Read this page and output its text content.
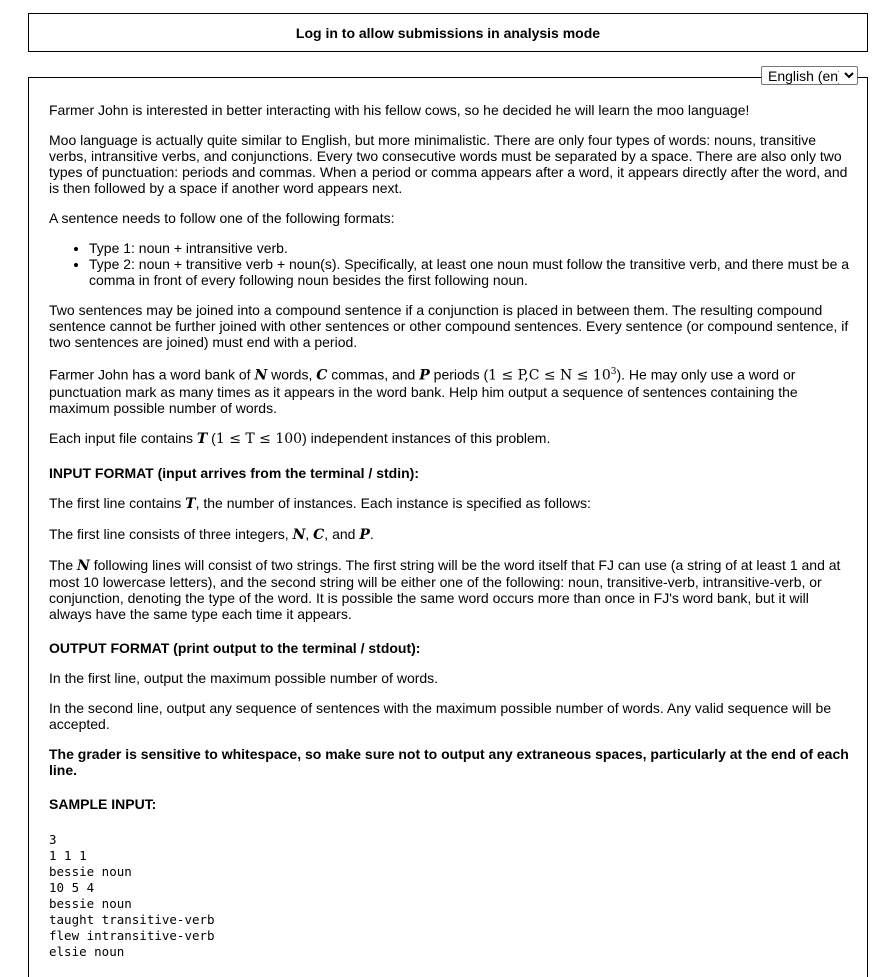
Log in to allow submissions in analysis mode
English (en)

Farmer John is interested in better interacting with his fellow cows, so he decided he will learn the moo language!

Moo language is actually quite similar to English, but more minimalistic. There are only four types of words: nouns, transitive verbs, intransitive verbs, and conjunctions. Every two consecutive words must be separated by a space. There are also only two types of punctuation: periods and commas. When a period or comma appears after a word, it appears directly after the word, and is then followed by a space if another word appears next.

A sentence needs to follow one of the following formats:

• Type 1: noun + intransitive verb.
• Type 2: noun + transitive verb + noun(s). Specifically, at least one noun must follow the transitive verb, and there must be a comma in front of every following noun besides the first following noun.

Two sentences may be joined into a compound sentence if a conjunction is placed in between them. The resulting compound sentence cannot be further joined with other sentences or other compound sentences. Every sentence (or compound sentence, if two sentences are joined) must end with a period.

Farmer John has a word bank of N words, C commas, and P periods $(1 \le P,C \le N \le 10^3)$. He may only use a word or punctuation mark as many times as it appears in the word bank. Help him output a sequence of sentences containing the maximum possible number of words.

Each input file contains T (1 ≤ T ≤ 100) independent instances of this problem.

INPUT FORMAT (input arrives from the terminal / stdin):

The first line contains T, the number of instances. Each instance is specified as follows:

The first line consists of three integers, N, C, and P.

The N following lines will consist of two strings. The first string will be the word itself that FJ can use (a string of at least 1 and at most 10 lowercase letters), and the second string will be either one of the following: noun, transitive-verb, intransitive-verb, or conjunction, denoting the type of the word. It is possible the same word occurs more than once in FJ's word bank, but it will always have the same type each time it appears.

OUTPUT FORMAT (print output to the terminal / stdout):

In the first line, output the maximum possible number of words.

In the second line, output any sequence of sentences with the maximum possible number of words. Any valid sequence will be accepted.

The grader is sensitive to whitespace, so make sure not to output any extraneous spaces, particularly at the end of each line.

SAMPLE INPUT:

3
1 1 1
bessie noun
10 5 4
bessie noun
taught transitive-verb
flew intransitive-verb
elsie noun
